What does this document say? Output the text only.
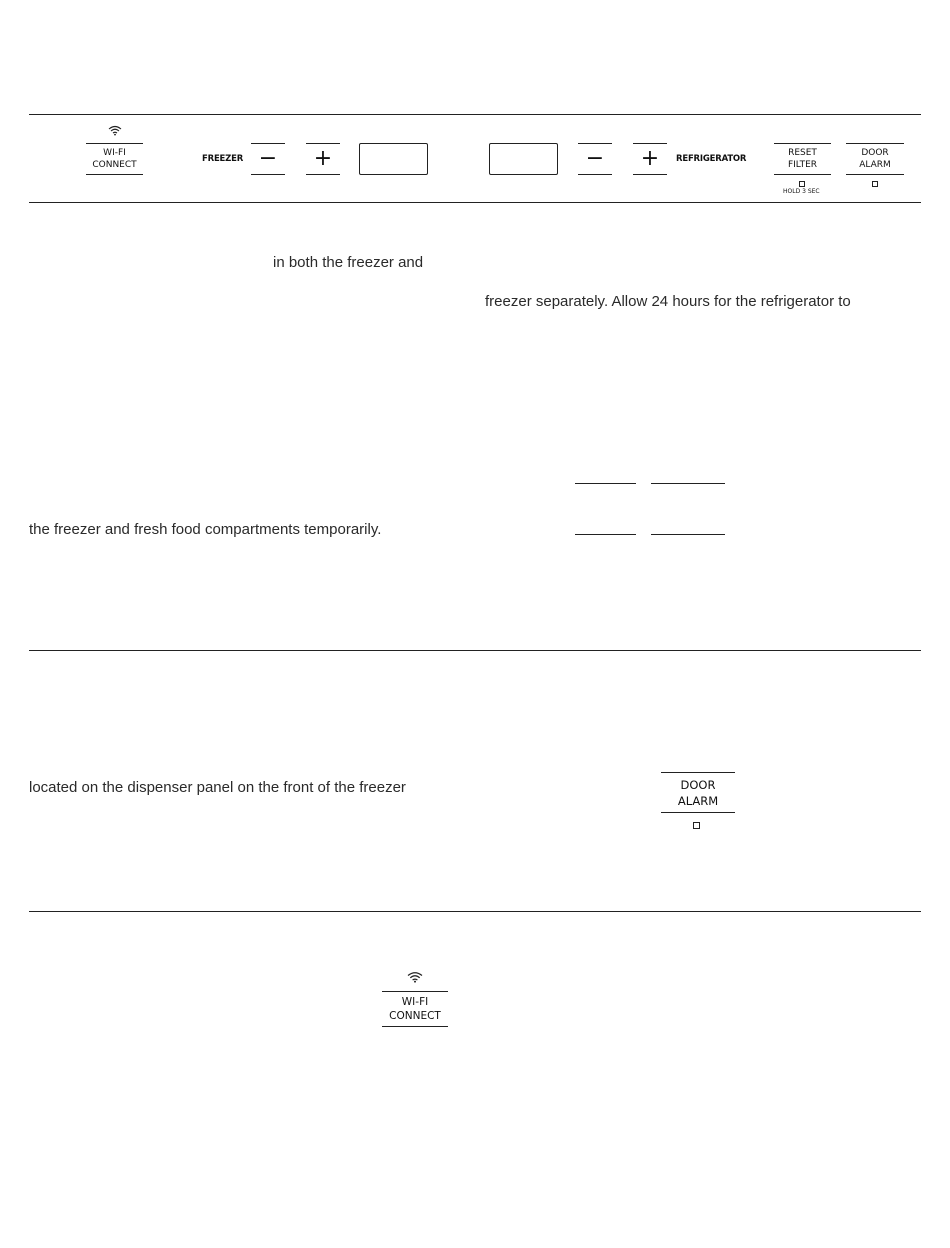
WI-FI
CONNECT
FREEZER − +	− + REFRIGERATOR
RESET
FILTER
HOLD 3 SEC
DOOR
ALARM
in both the freezer and
freezer separately. Allow 24 hours for the refrigerator to
the freezer and fresh food compartments temporarily.
located on the dispenser panel on the front of the freezer	DOOR
ALARM
WI-FI
CONNECT
